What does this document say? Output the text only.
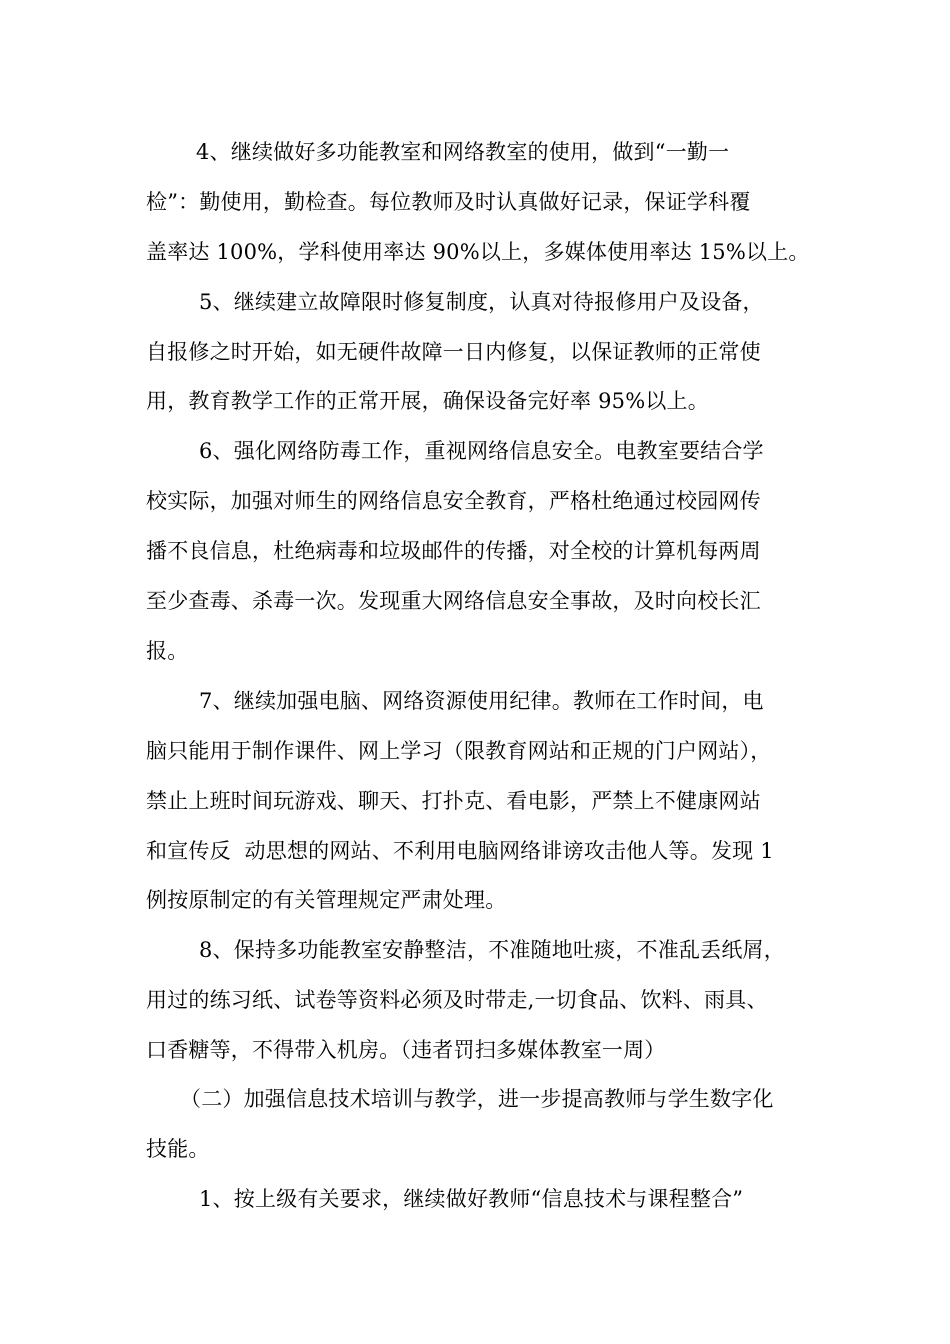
4、继续做好多功能教室和网络教室的使用，做到“一勤一
检”：勤使用，勤检查。每位教师及时认真做好记录，保证学科覆
盖率达 100%，学科使用率达 90%以上，多媒体使用率达 15%以上。
5、继续建立故障限时修复制度，认真对待报修用户及设备，
自报修之时开始，如无硬件故障一日内修复，以保证教师的正常使
用，教育教学工作的正常开展，确保设备完好率 95%以上。
6、强化网络防毒工作，重视网络信息安全。电教室要结合学
校实际，加强对师生的网络信息安全教育，严格杜绝通过校园网传
播不良信息，杜绝病毒和垃圾邮件的传播，对全校的计算机每两周
至少查毒、杀毒一次。发现重大网络信息安全事故，及时向校长汇
报。
7、继续加强电脑、网络资源使用纪律。教师在工作时间，电
脑只能用于制作课件、网上学习（限教育网站和正规的门户网站），
禁止上班时间玩游戏、聊天、打扑克、看电影，严禁上不健康网站
和宣传反  动思想的网站、不利用电脑网络诽谤攻击他人等。发现 1
例按原制定的有关管理规定严肃处理。
8、保持多功能教室安静整洁，不准随地吐痰，不准乱丢纸屑，
用过的练习纸、试卷等资料必须及时带走,一切食品、饮料、雨具、
口香糖等，不得带入机房。（违者罚扫多媒体教室一周）
（二）加强信息技术培训与教学，进一步提高教师与学生数字化
技能。
1、按上级有关要求，继续做好教师“信息技术与课程整合”
